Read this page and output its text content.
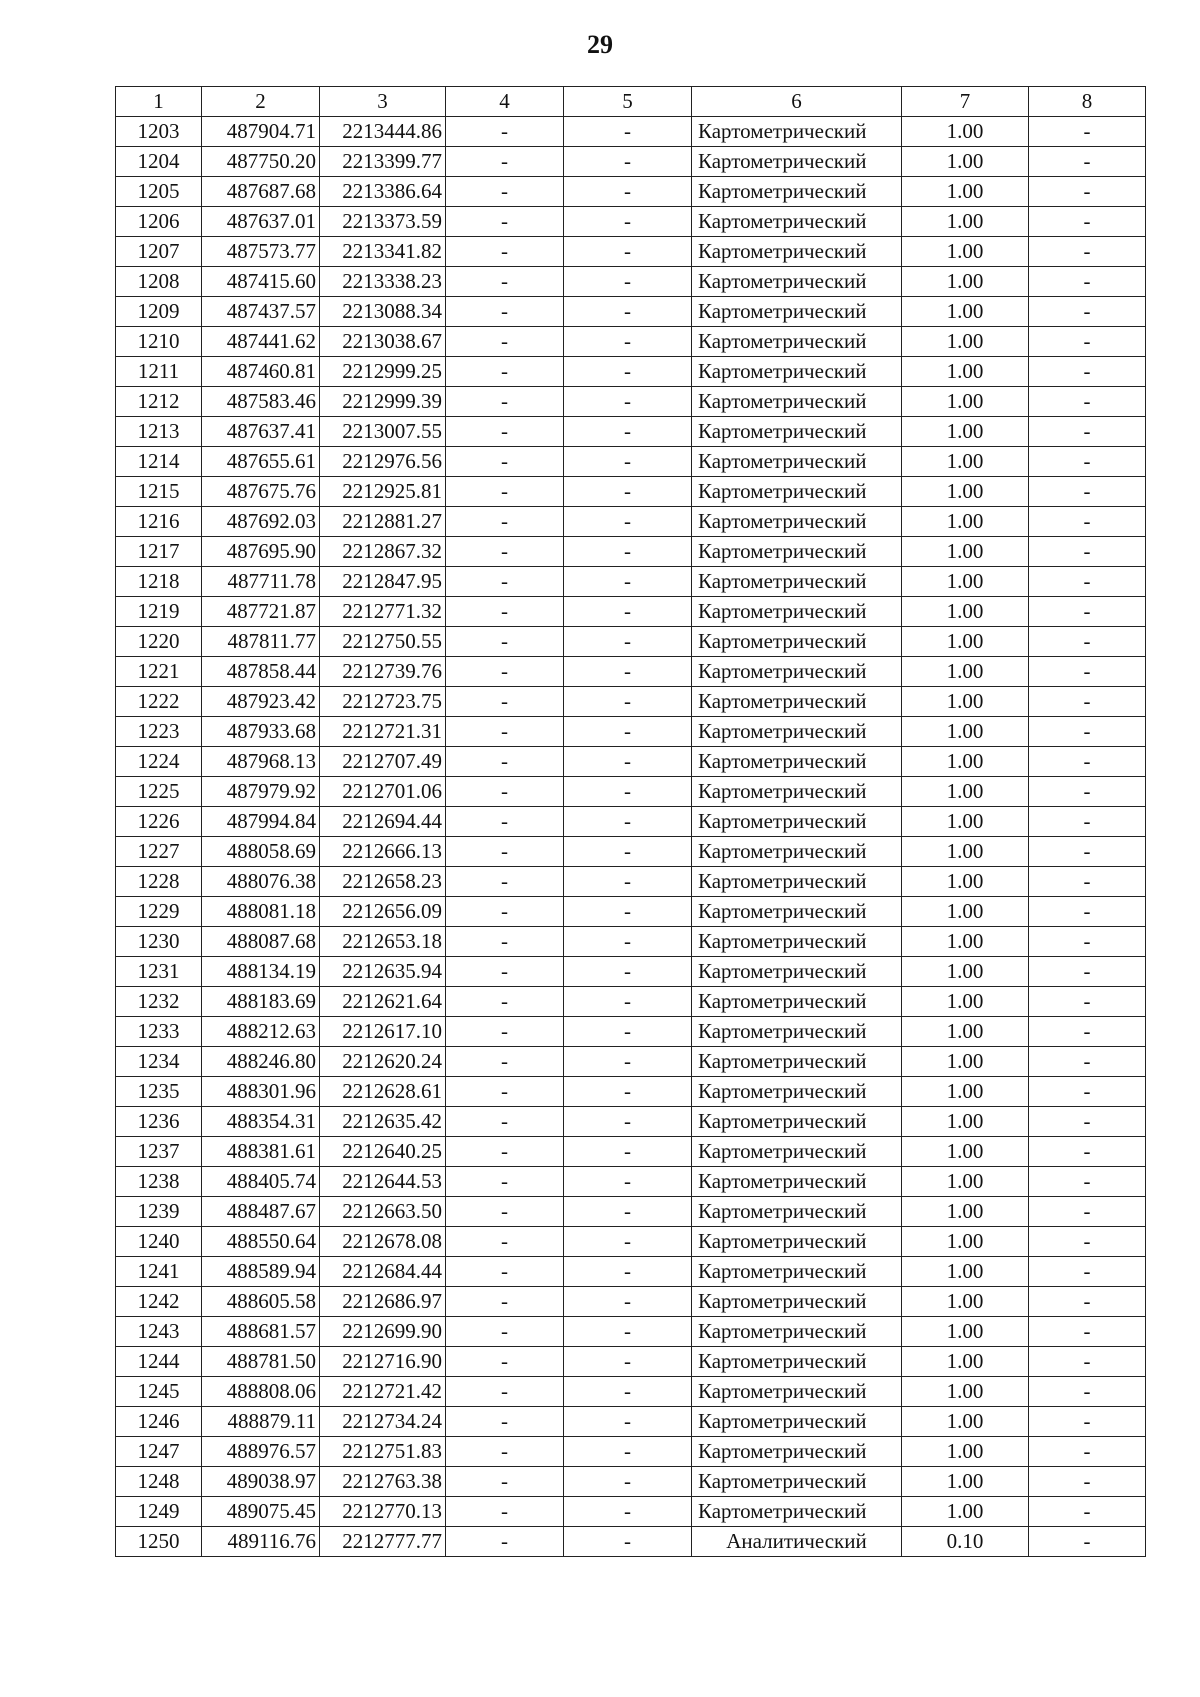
29
1	2	3	4	5	6	7	8
1203	487904.71	2213444.86	-	-	Картометрический	1.00	-
1204	487750.20	2213399.77	-	-	Картометрический	1.00	-
1205	487687.68	2213386.64	-	-	Картометрический	1.00	-
1206	487637.01	2213373.59	-	-	Картометрический	1.00	-
1207	487573.77	2213341.82	-	-	Картометрический	1.00	-
1208	487415.60	2213338.23	-	-	Картометрический	1.00	-
1209	487437.57	2213088.34	-	-	Картометрический	1.00	-
1210	487441.62	2213038.67	-	-	Картометрический	1.00	-
1211	487460.81	2212999.25	-	-	Картометрический	1.00	-
1212	487583.46	2212999.39	-	-	Картометрический	1.00	-
1213	487637.41	2213007.55	-	-	Картометрический	1.00	-
1214	487655.61	2212976.56	-	-	Картометрический	1.00	-
1215	487675.76	2212925.81	-	-	Картометрический	1.00	-
1216	487692.03	2212881.27	-	-	Картометрический	1.00	-
1217	487695.90	2212867.32	-	-	Картометрический	1.00	-
1218	487711.78	2212847.95	-	-	Картометрический	1.00	-
1219	487721.87	2212771.32	-	-	Картометрический	1.00	-
1220	487811.77	2212750.55	-	-	Картометрический	1.00	-
1221	487858.44	2212739.76	-	-	Картометрический	1.00	-
1222	487923.42	2212723.75	-	-	Картометрический	1.00	-
1223	487933.68	2212721.31	-	-	Картометрический	1.00	-
1224	487968.13	2212707.49	-	-	Картометрический	1.00	-
1225	487979.92	2212701.06	-	-	Картометрический	1.00	-
1226	487994.84	2212694.44	-	-	Картометрический	1.00	-
1227	488058.69	2212666.13	-	-	Картометрический	1.00	-
1228	488076.38	2212658.23	-	-	Картометрический	1.00	-
1229	488081.18	2212656.09	-	-	Картометрический	1.00	-
1230	488087.68	2212653.18	-	-	Картометрический	1.00	-
1231	488134.19	2212635.94	-	-	Картометрический	1.00	-
1232	488183.69	2212621.64	-	-	Картометрический	1.00	-
1233	488212.63	2212617.10	-	-	Картометрический	1.00	-
1234	488246.80	2212620.24	-	-	Картометрический	1.00	-
1235	488301.96	2212628.61	-	-	Картометрический	1.00	-
1236	488354.31	2212635.42	-	-	Картометрический	1.00	-
1237	488381.61	2212640.25	-	-	Картометрический	1.00	-
1238	488405.74	2212644.53	-	-	Картометрический	1.00	-
1239	488487.67	2212663.50	-	-	Картометрический	1.00	-
1240	488550.64	2212678.08	-	-	Картометрический	1.00	-
1241	488589.94	2212684.44	-	-	Картометрический	1.00	-
1242	488605.58	2212686.97	-	-	Картометрический	1.00	-
1243	488681.57	2212699.90	-	-	Картометрический	1.00	-
1244	488781.50	2212716.90	-	-	Картометрический	1.00	-
1245	488808.06	2212721.42	-	-	Картометрический	1.00	-
1246	488879.11	2212734.24	-	-	Картометрический	1.00	-
1247	488976.57	2212751.83	-	-	Картометрический	1.00	-
1248	489038.97	2212763.38	-	-	Картометрический	1.00	-
1249	489075.45	2212770.13	-	-	Картометрический	1.00	-
1250	489116.76	2212777.77	-	-	Аналитический	0.10	-
